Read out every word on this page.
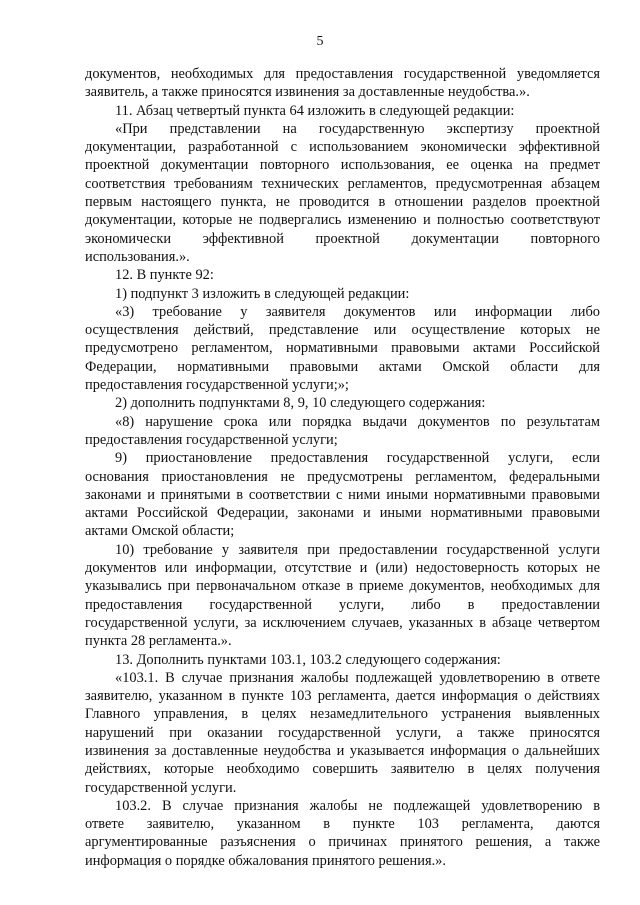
5
документов, необходимых для предоставления государственной уведомляется
заявитель, а также приносятся извинения за доставленные неудобства.».
11. Абзац четвертый пункта 64 изложить в следующей редакции:
«При представлении на государственную экспертизу проектной
документации, разработанной с использованием экономически эффективной
проектной документации повторного использования, ее оценка на предмет
соответствия требованиям технических регламентов, предусмотренная абзацем
первым настоящего пункта, не проводится в отношении разделов проектной
документации, которые не подвергались изменению и полностью соответствуют
экономически эффективной проектной документации повторного
использования.».
12. В пункте 92:
1) подпункт 3 изложить в следующей редакции:
«3) требование у заявителя документов или информации либо
осуществления действий, представление или осуществление которых не
предусмотрено регламентом, нормативными правовыми актами Российской
Федерации, нормативными правовыми актами Омской области для
предоставления государственной услуги;»;
2) дополнить подпунктами 8, 9, 10 следующего содержания:
«8) нарушение срока или порядка выдачи документов по результатам
предоставления государственной услуги;
9) приостановление предоставления государственной услуги, если
основания приостановления не предусмотрены регламентом, федеральными
законами и принятыми в соответствии с ними иными нормативными правовыми
актами Российской Федерации, законами и иными нормативными правовыми
актами Омской области;
10) требование у заявителя при предоставлении государственной услуги
документов или информации, отсутствие и (или) недостоверность которых не
указывались при первоначальном отказе в приеме документов, необходимых для
предоставления государственной услуги, либо в предоставлении
государственной услуги, за исключением случаев, указанных в абзаце четвертом
пункта 28 регламента.».
13. Дополнить пунктами 103.1, 103.2 следующего содержания:
«103.1. В случае признания жалобы подлежащей удовлетворению в ответе
заявителю, указанном в пункте 103 регламента, дается информация о действиях
Главного управления, в целях незамедлительного устранения выявленных
нарушений при оказании государственной услуги, а также приносятся
извинения за доставленные неудобства и указывается информация о дальнейших
действиях, которые необходимо совершить заявителю в целях получения
государственной услуги.
103.2. В случае признания жалобы не подлежащей удовлетворению в
ответе заявителю, указанном в пункте 103 регламента, даются
аргументированные разъяснения о причинах принятого решения, а также
информация о порядке обжалования принятого решения.».
